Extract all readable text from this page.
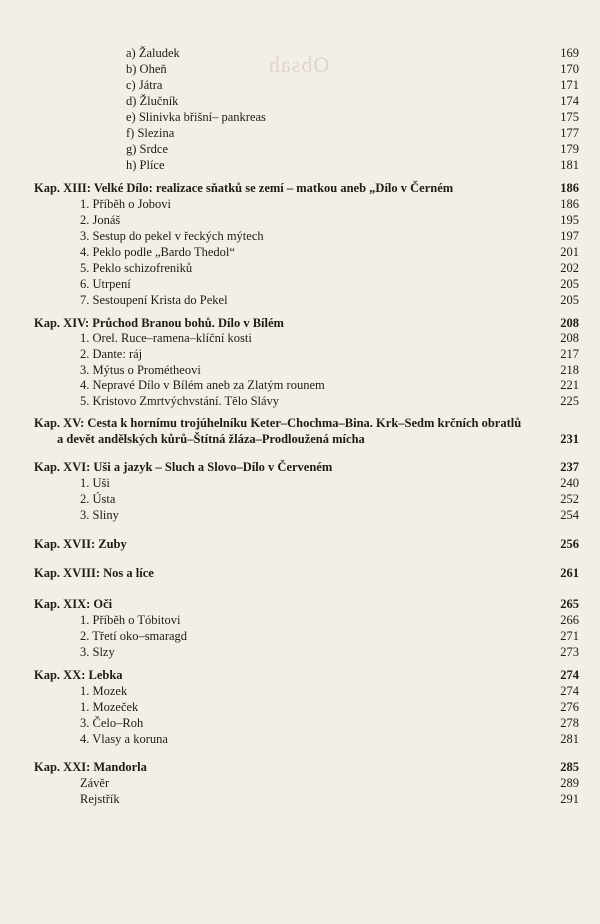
Obsah
a) Žaludek	169
b) Oheň	170
c) Játra	171
d) Žlučník	174
e) Slinivka břišní– pankreas	175
f) Slezina	177
g) Srdce	179
h) Plíce	181
Kap. XIII: Velké Dílo: realizace sňatků se zemí – matkou aneb „Dílo v Černém	186
1. Příběh o Jobovi	186
2. Jonáš	195
3. Sestup do pekel v řeckých mýtech	197
4. Peklo podle „Bardo Thedol“	201
5. Peklo schizofreniků	202
6. Utrpení	205
7. Sestoupení Krista do Pekel	205
Kap. XIV: Průchod Branou bohů. Dílo v Bílém	208
1. Orel. Ruce–ramena–klíční kosti	208
2. Dante: ráj	217
3. Mýtus o Prométheovi	218
4. Nepravé Dílo v Bílém aneb za Zlatým rounem	221
5. Kristovo Zmrtvýchvstání. Tělo Slávy	225
Kap. XV: Cesta k hornímu trojúhelníku Keter–Chochma–Bina. Krk–Sedm krčních obratlů
a devět andělských kůrů–Štítná žláza–Prodloužená mícha	231
Kap. XVI: Uši a jazyk – Sluch a Slovo–Dílo v Červeném	237
1. Uši	240
2. Ústa	252
3. Sliny	254
Kap. XVII: Zuby	256
Kap. XVIII: Nos a líce	261
Kap. XIX: Oči	265
1. Příběh o Tóbitovi	266
2. Třetí oko–smaragd	271
3. Slzy	273
Kap. XX: Lebka	274
1. Mozek	274
1. Mozeček	276
3. Čelo–Roh	278
4. Vlasy a koruna	281
Kap. XXI: Mandorla	285
Závěr	289
Rejstřík	291
